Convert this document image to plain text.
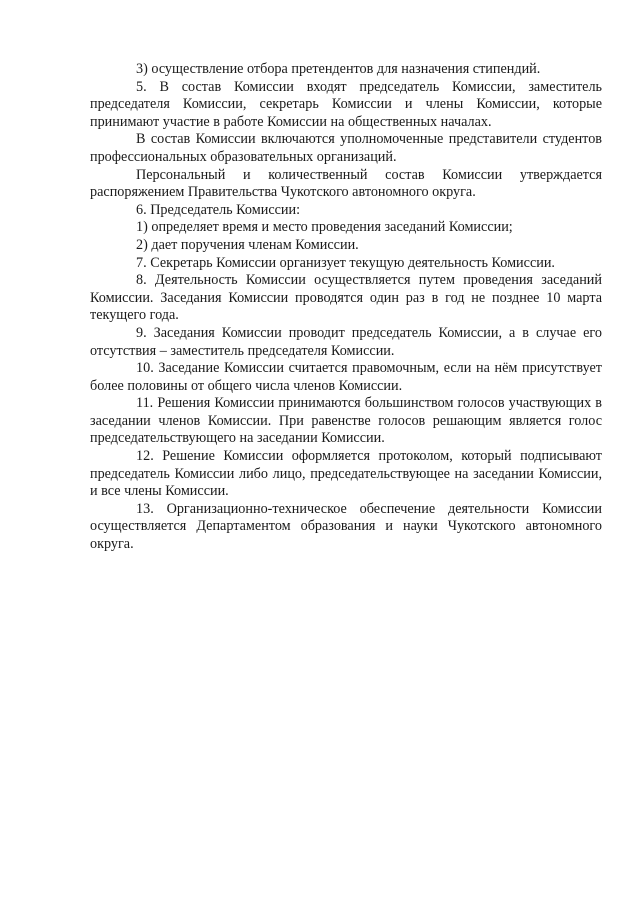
3) осуществление отбора претендентов для назначения стипендий.

5. В состав Комиссии входят председатель Комиссии, заместитель председателя Комиссии, секретарь Комиссии и члены Комиссии, которые принимают участие в работе Комиссии на общественных началах.

В состав Комиссии включаются уполномоченные представители студентов профессиональных образовательных организаций.

Персональный и количественный состав Комиссии утверждается распоряжением Правительства Чукотского автономного округа.

6. Председатель Комиссии:

1) определяет время и место проведения заседаний Комиссии;

2) дает поручения членам Комиссии.

7. Секретарь Комиссии организует текущую деятельность Комиссии.

8. Деятельность Комиссии осуществляется путем проведения заседаний Комиссии. Заседания Комиссии проводятся один раз в год не позднее 10 марта текущего года.

9. Заседания Комиссии проводит председатель Комиссии, а в случае его отсутствия – заместитель председателя Комиссии.

10. Заседание Комиссии считается правомочным, если на нём присутствует более половины от общего числа членов Комиссии.

11. Решения Комиссии принимаются большинством голосов участвующих в заседании членов Комиссии. При равенстве голосов решающим является голос председательствующего на заседании Комиссии.

12. Решение Комиссии оформляется протоколом, который подписывают председатель Комиссии либо лицо, председательствующее на заседании Комиссии, и все члены Комиссии.

13. Организационно-техническое обеспечение деятельности Комиссии осуществляется Департаментом образования и науки Чукотского автономного округа.
